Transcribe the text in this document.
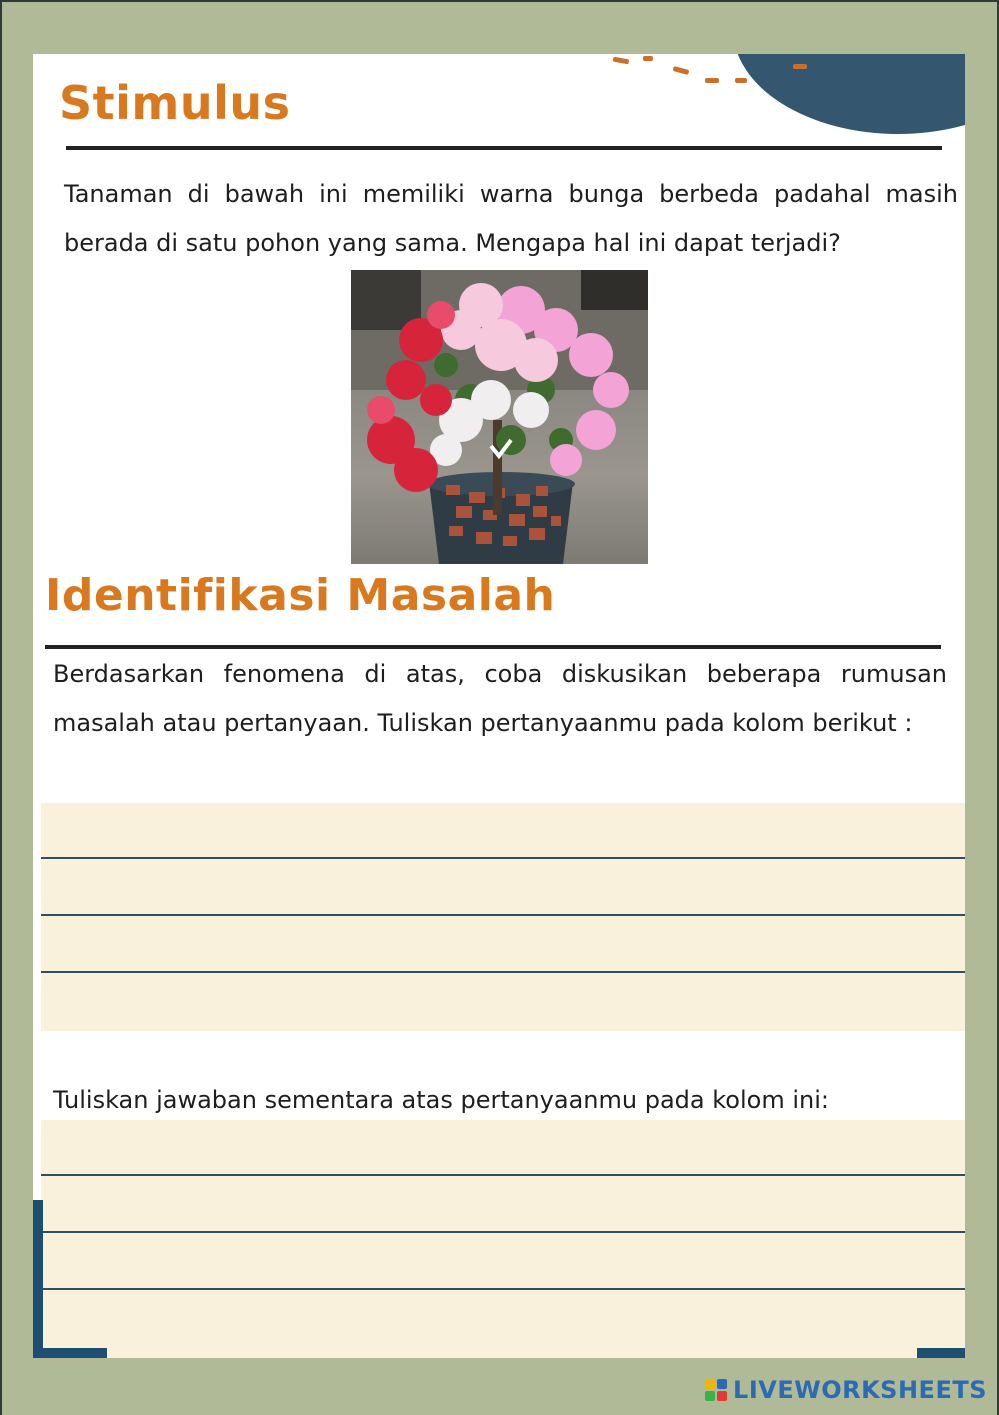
Stimulus

Tanaman di bawah ini memiliki warna bunga berbeda padahal masih berada di satu pohon yang sama. Mengapa hal ini dapat terjadi?

Identifikasi Masalah

Berdasarkan fenomena di atas, coba diskusikan beberapa rumusan masalah atau pertanyaan. Tuliskan pertanyaanmu pada kolom berikut :

Tuliskan jawaban sementara atas pertanyaanmu pada kolom ini:

LIVEWORKSHEETS
